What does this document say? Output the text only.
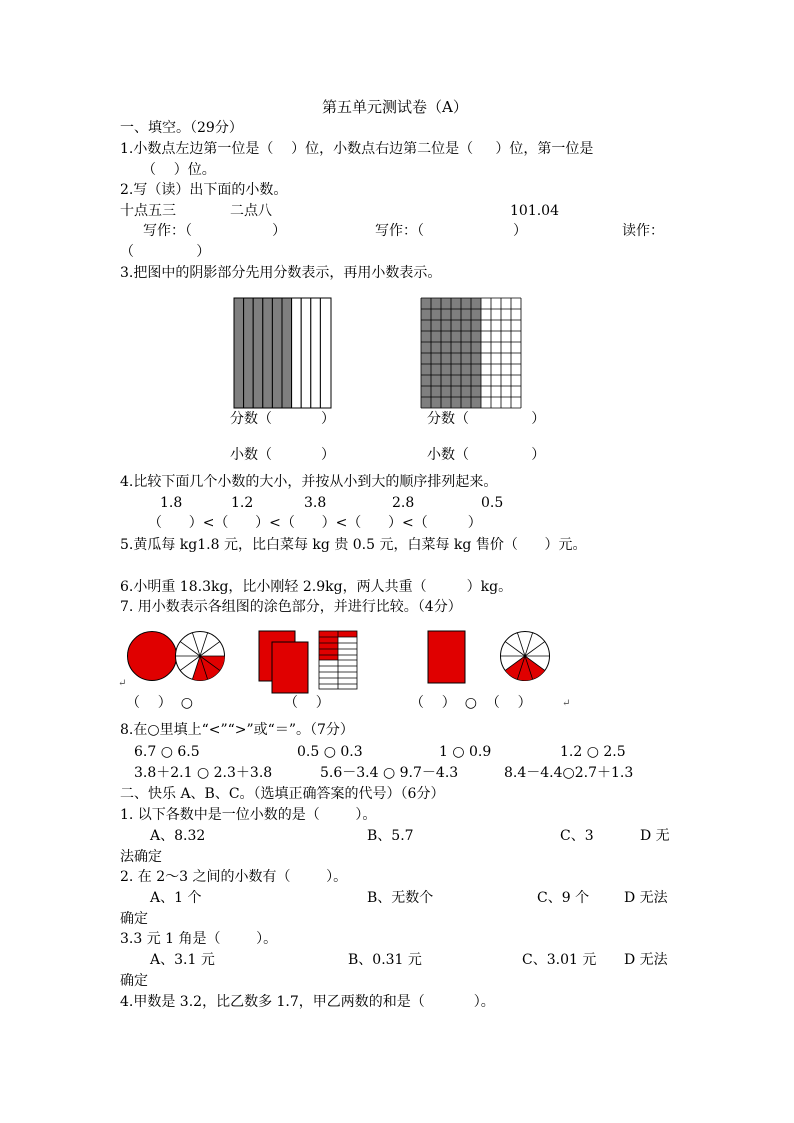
第五单元测试卷（A）
一、填空。（29分）
1.小数点左边第一位是（    ）位，小数点右边第二位是（     ）位，第一位是
（    ）位。
2.写（读）出下面的小数。
十点五三	二点八	101.04
写作：（                  ）	写作：（                    ）	读作：
（              ）
3.把图中的阴影部分先用分数表示，再用小数表示。
分数（           ）	分数（              ）
小数（           ）	小数（              ）
4.比较下面几个小数的大小，并按从小到大的顺序排列起来。
1.8	1.2	3.8	2.8	0.5
（      ）<（      ）<（      ）<（      ）<（         ）
5.黄瓜每 kg1.8 元，比白菜每 kg 贵 0.5 元，白菜每 kg 售价（      ）元。
6.小明重 18.3kg，比小刚轻 2.9kg，两人共重（         ）kg。
7. 用小数表示各组图的涂色部分，并进行比较。（4分）
↵
（    ）  ○	（    ）	（    ）  ○  （    ）	↵
8.在○里填上“<”“>”或“＝”。（7分）
6.7 ○ 6.5	0.5 ○ 0.3	1 ○ 0.9	1.2 ○ 2.5
3.8＋2.1 ○ 2.3＋3.8	5.6－3.4 ○ 9.7－4.3	8.4－4.4○2.7＋1.3
二、快乐 A、B、C。（选填正确答案的代号）（6分）
1. 以下各数中是一位小数的是（        ）。
A、8.32	B、5.7	C、3	D 无
法确定
2. 在 2～3 之间的小数有（        ）。
A、1 个	B、无数个	C、9 个 D 无法
确定
3.3 元 1 角是（        ）。
A、3.1 元	B、0.31 元	C、3.01 元 D 无法
确定
4.甲数是 3.2，比乙数多 1.7，甲乙两数的和是（           ）。
